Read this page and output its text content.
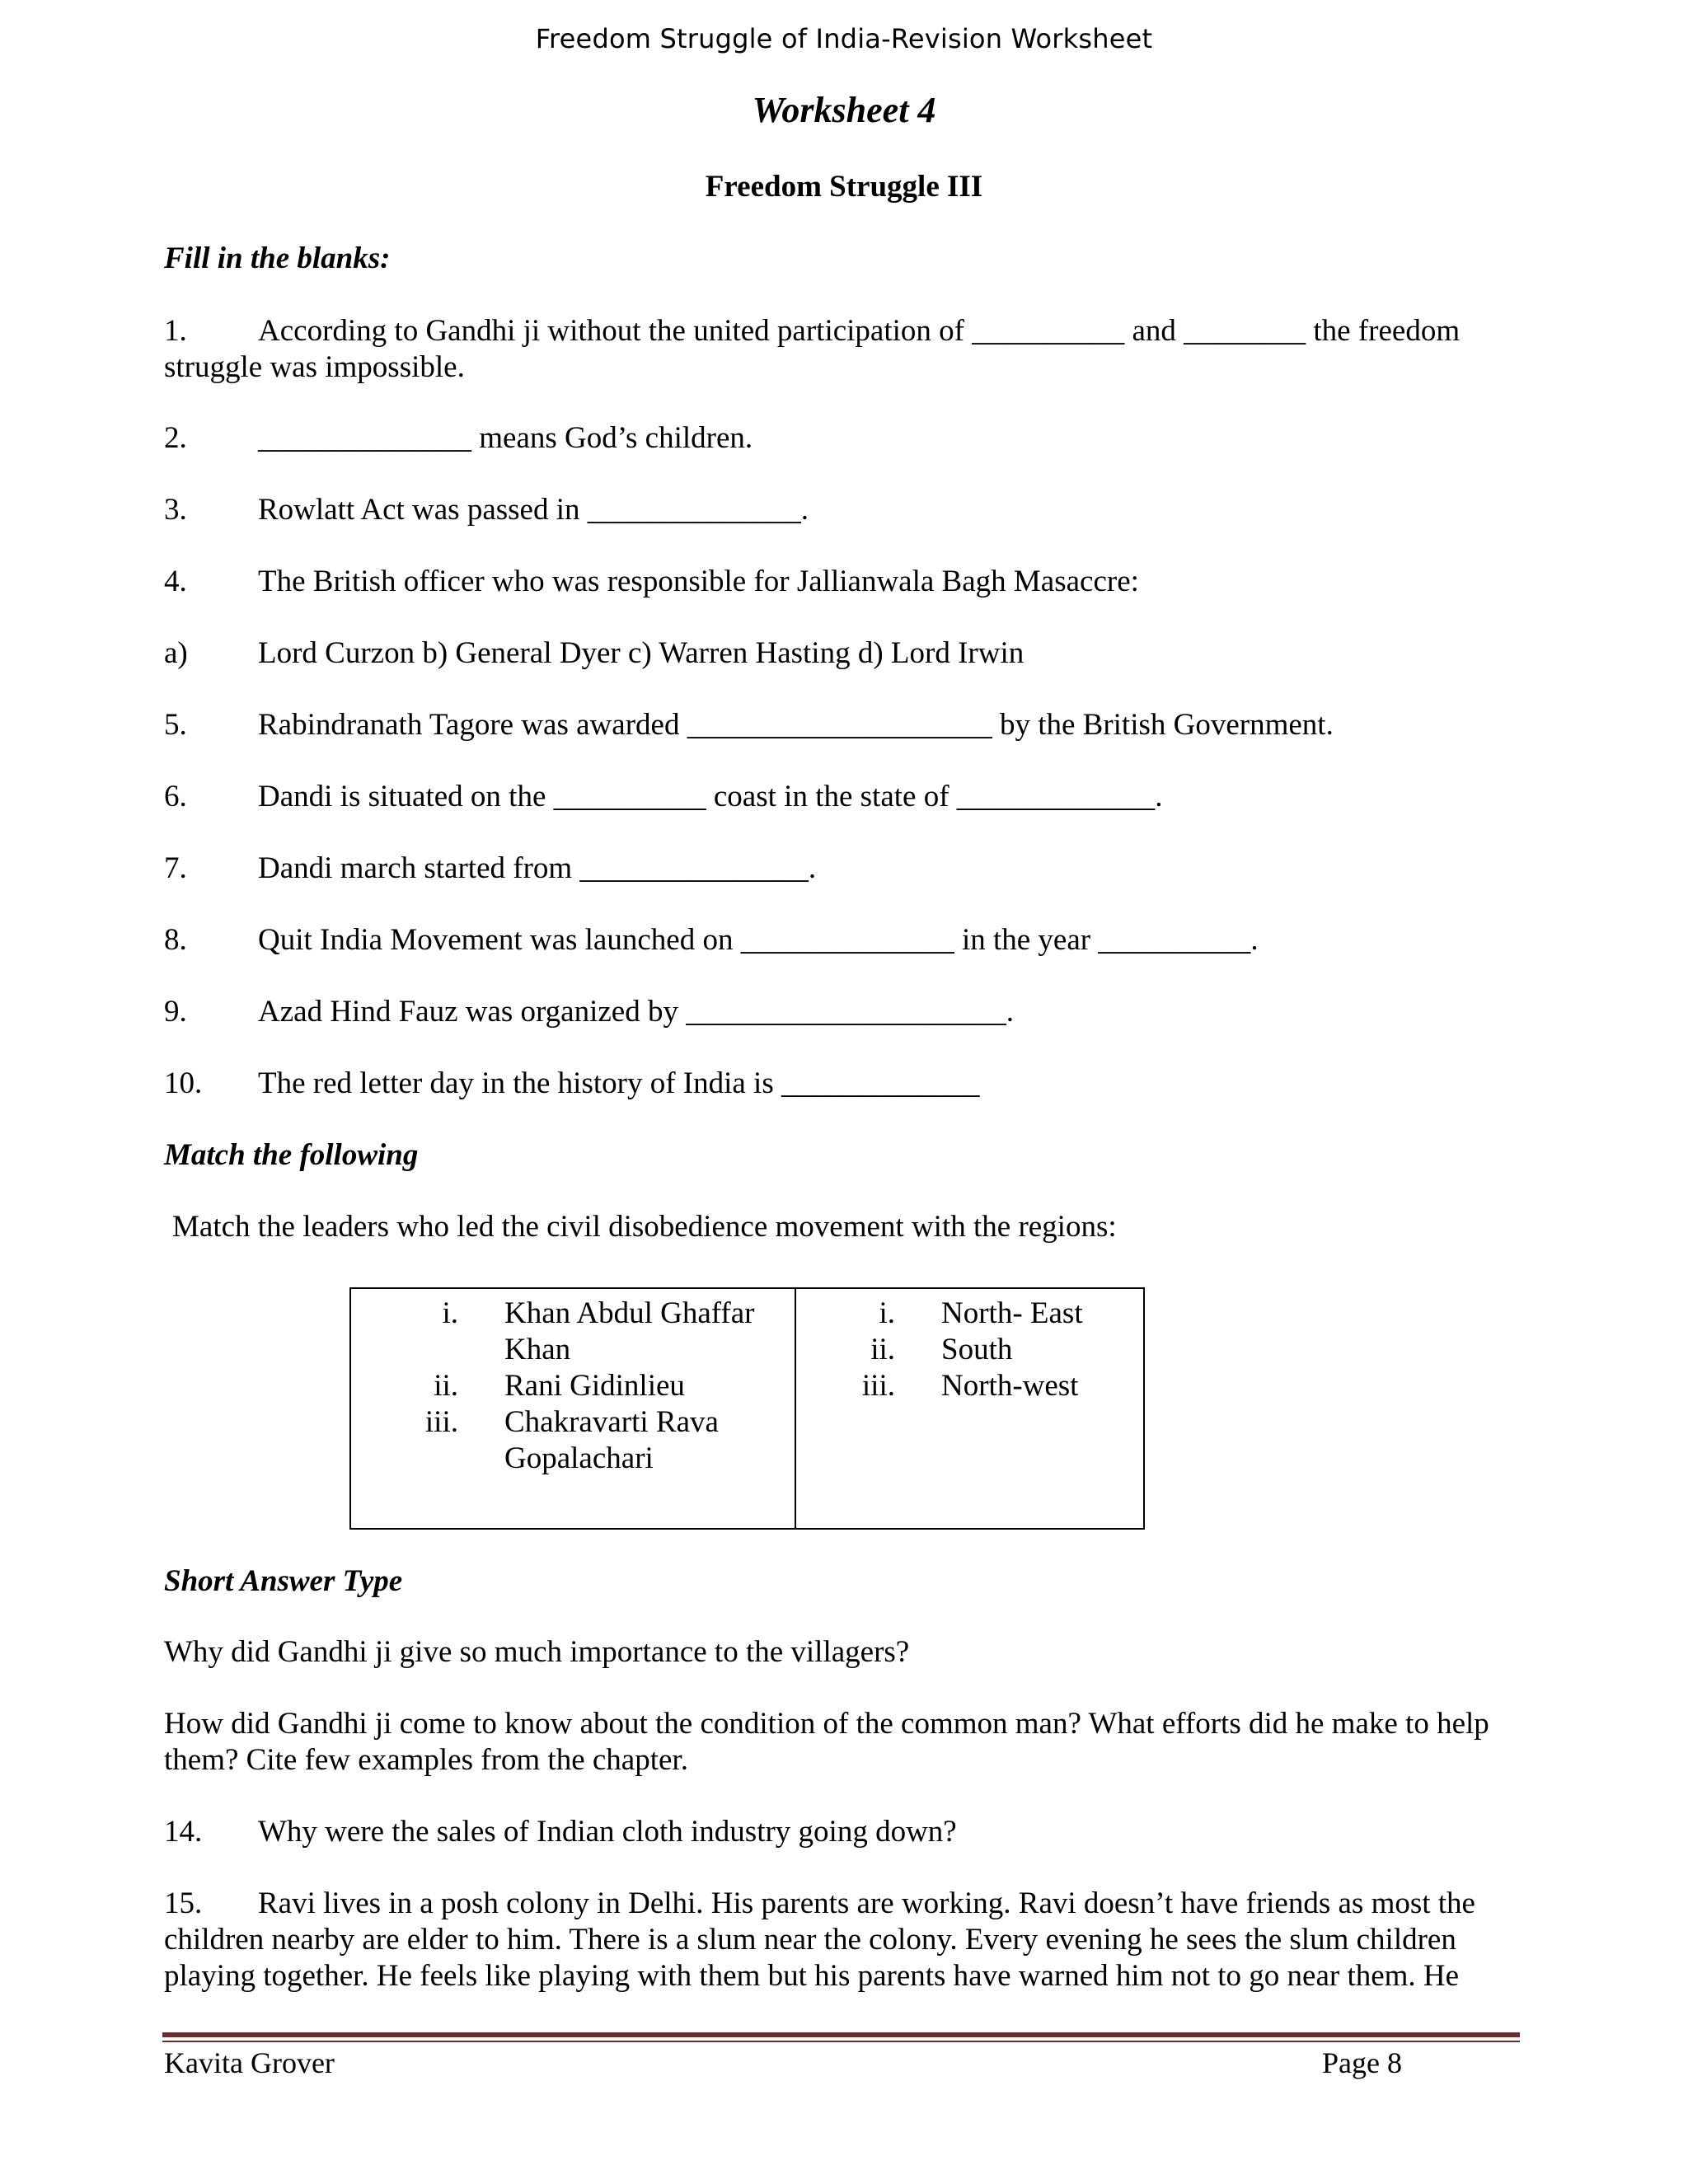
Freedom Struggle of India-Revision Worksheet
Worksheet 4
Freedom Struggle III
Fill in the blanks:
1. According to Gandhi ji without the united participation of __________ and ________ the freedom
struggle was impossible.
2. ______________ means God’s children.
3. Rowlatt Act was passed in ______________.
4. The British officer who was responsible for Jallianwala Bagh Masaccre:
a) Lord Curzon b) General Dyer c) Warren Hasting d) Lord Irwin
5. Rabindranath Tagore was awarded ____________________ by the British Government.
6. Dandi is situated on the __________ coast in the state of _____________.
7. Dandi march started from _______________.
8. Quit India Movement was launched on ______________ in the year __________.
9. Azad Hind Fauz was organized by _____________________.
10. The red letter day in the history of India is _____________
Match the following
Match the leaders who led the civil disobedience movement with the regions:
i. Khan Abdul Ghaffar Khan
ii. Rani Gidinlieu
iii. Chakravarti Rava Gopalachari
i. North- East
ii. South
iii. North-west
Short Answer Type
Why did Gandhi ji give so much importance to the villagers?
How did Gandhi ji come to know about the condition of the common man? What efforts did he make to help them? Cite few examples from the chapter.
14. Why were the sales of Indian cloth industry going down?
15. Ravi lives in a posh colony in Delhi. His parents are working. Ravi doesn’t have friends as most the children nearby are elder to him. There is a slum near the colony. Every evening he sees the slum children playing together. He feels like playing with them but his parents have warned him not to go near them. He
Kavita Grover	Page 8
